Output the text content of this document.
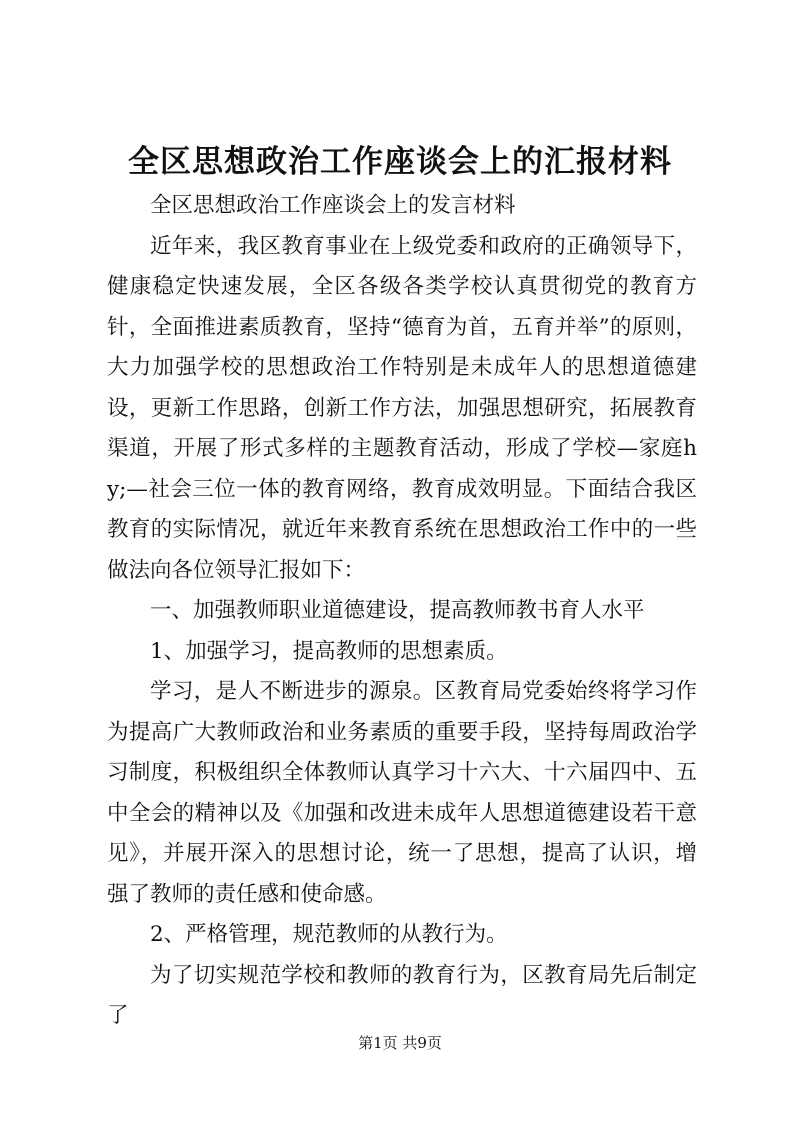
全区思想政治工作座谈会上的汇报材料

全区思想政治工作座谈会上的发言材料

近年来，我区教育事业在上级党委和政府的正确领导下，健康稳定快速发展，全区各级各类学校认真贯彻党的教育方针，全面推进素质教育，坚持“德育为首，五育并举”的原则，大力加强学校的思想政治工作特别是未成年人的思想道德建设，更新工作思路，创新工作方法，加强思想研究，拓展教育渠道，开展了形式多样的主题教育活动，形成了学校—家庭hy;—社会三位一体的教育网络，教育成效明显。下面结合我区教育的实际情况，就近年来教育系统在思想政治工作中的一些做法向各位领导汇报如下：

一、加强教师职业道德建设，提高教师教书育人水平

1、加强学习，提高教师的思想素质。

学习，是人不断进步的源泉。区教育局党委始终将学习作为提高广大教师政治和业务素质的重要手段，坚持每周政治学习制度，积极组织全体教师认真学习十六大、十六届四中、五中全会的精神以及《加强和改进未成年人思想道德建设若干意见》，并展开深入的思想讨论，统一了思想，提高了认识，增强了教师的责任感和使命感。

2、严格管理，规范教师的从教行为。

为了切实规范学校和教师的教育行为，区教育局先后制定了

第1页 共9页
